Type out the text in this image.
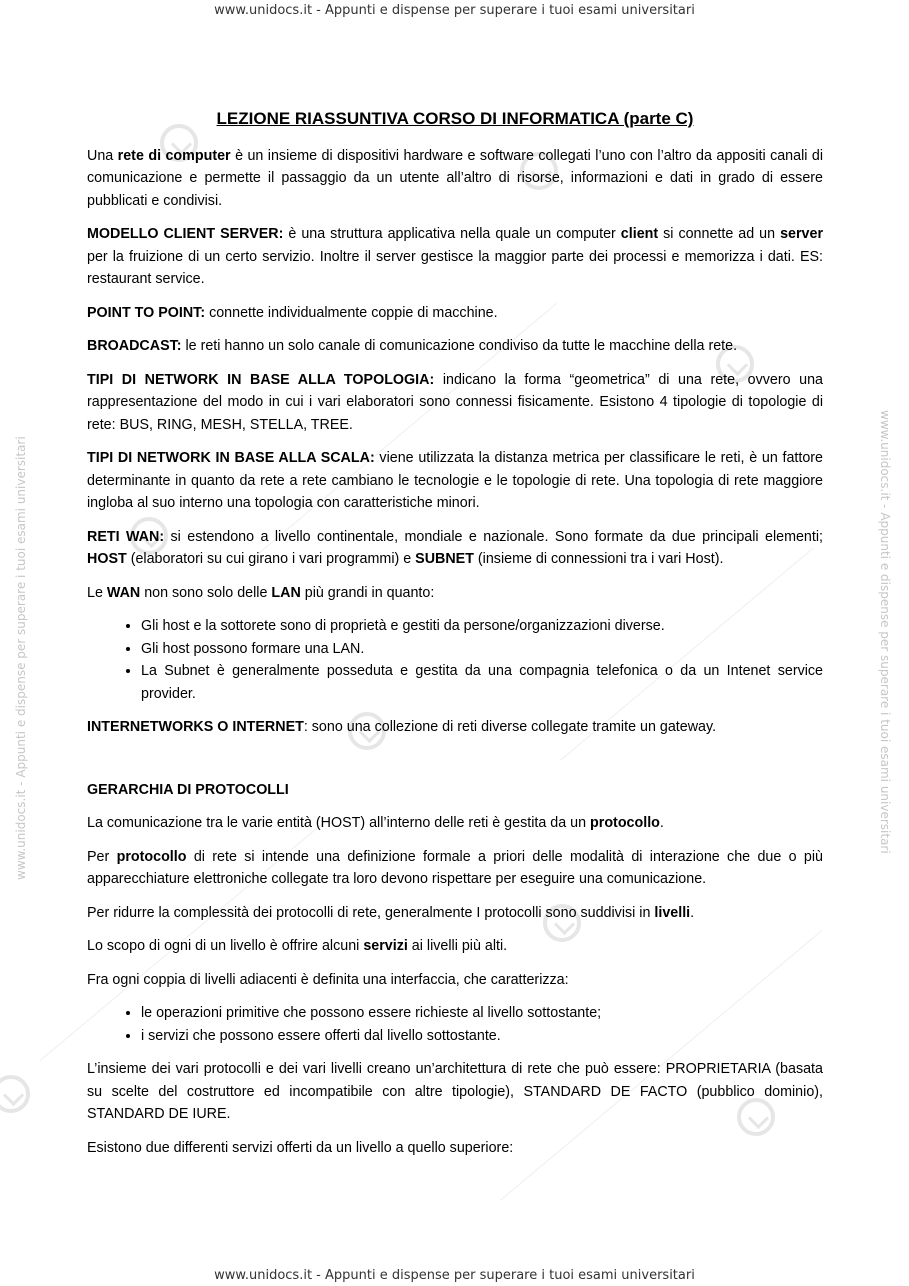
www.unidocs.it - Appunti e dispense per superare i tuoi esami universitari
www.unidocs.it - Appunti e dispense per superare i tuoi esami universitari
www.unidocs.it - Appunti e dispense per superare i tuoi esami universitari	www.unidocs.it - Appunti e dispense per superare i tuoi esami universitari
LEZIONE RIASSUNTIVA CORSO DI INFORMATICA (parte C)

Una rete di computer è un insieme di dispositivi hardware e software collegati l’uno con l’altro da appositi canali di comunicazione e permette il passaggio da un utente all’altro di risorse, informazioni e dati in grado di essere pubblicati e condivisi.

MODELLO CLIENT SERVER: è una struttura applicativa nella quale un computer client si connette ad un server per la fruizione di un certo servizio. Inoltre il server gestisce la maggior parte dei processi e memorizza i dati. ES: restaurant service.

POINT TO POINT: connette individualmente coppie di macchine.

BROADCAST: le reti hanno un solo canale di comunicazione condiviso da tutte le macchine della rete.

TIPI DI NETWORK IN BASE ALLA TOPOLOGIA: indicano la forma “geometrica” di una rete, ovvero una rappresentazione del modo in cui i vari elaboratori sono connessi fisicamente. Esistono 4 tipologie di topologie di rete: BUS, RING, MESH, STELLA, TREE.

TIPI DI NETWORK IN BASE ALLA SCALA: viene utilizzata la distanza metrica per classificare le reti, è un fattore determinante in quanto da rete a rete cambiano le tecnologie e le topologie di rete. Una topologia di rete maggiore ingloba al suo interno una topologia con caratteristiche minori.

RETI WAN: si estendono a livello continentale, mondiale e nazionale. Sono formate da due principali elementi; HOST (elaboratori su cui girano i vari programmi) e SUBNET (insieme di connessioni tra i vari Host).

Le WAN non sono solo delle LAN più grandi in quanto:

• Gli host e la sottorete sono di proprietà e gestiti da persone/organizzazioni diverse.
• Gli host possono formare una LAN.
• La Subnet è generalmente posseduta e gestita da una compagnia telefonica o da un Intenet service provider.

INTERNETWORKS O INTERNET: sono una collezione di reti diverse collegate tramite un gateway.

GERARCHIA DI PROTOCOLLI

La comunicazione tra le varie entità (HOST) all’interno delle reti è gestita da un protocollo.

Per protocollo di rete si intende una definizione formale a priori delle modalità di interazione che due o più apparecchiature elettroniche collegate tra loro devono rispettare per eseguire una comunicazione.

Per ridurre la complessità dei protocolli di rete, generalmente I protocolli sono suddivisi in livelli.

Lo scopo di ogni di un livello è offrire alcuni servizi ai livelli più alti.

Fra ogni coppia di livelli adiacenti è definita una interfaccia, che caratterizza:

• le operazioni primitive che possono essere richieste al livello sottostante;
• i servizi che possono essere offerti dal livello sottostante.

L’insieme dei vari protocolli e dei vari livelli creano un’architettura di rete che può essere: PROPRIETARIA (basata su scelte del costruttore ed incompatibile con altre tipologie), STANDARD DE FACTO (pubblico dominio), STANDARD DE IURE.

Esistono due differenti servizi offerti da un livello a quello superiore:
